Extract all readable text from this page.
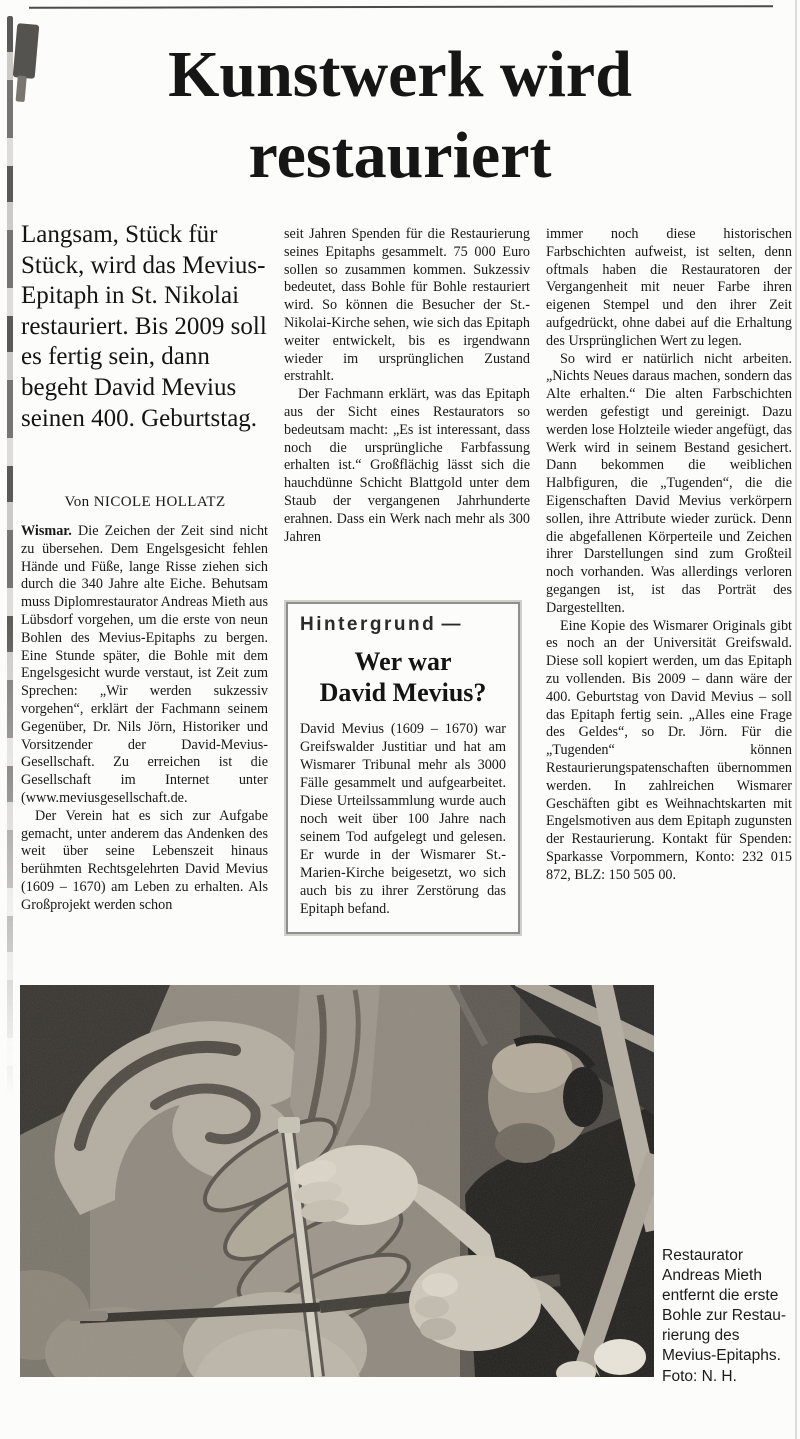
Kunstwerk wird
restauriert
Langsam, Stück für Stück, wird das Mevius-Epitaph in St. Nikolai restauriert. Bis 2009 soll es fertig sein, dann begeht David Mevius seinen 400. Geburtstag.
Von NICOLE HOLLATZ

Wismar. Die Zeichen der Zeit sind nicht zu übersehen. Dem Engelsgesicht fehlen Hände und Füße, lange Risse ziehen sich durch die 340 Jahre alte Eiche. Behutsam muss Diplomrestaurator Andreas Mieth aus Lübsdorf vorgehen, um die erste von neun Bohlen des Mevius-Epitaphs zu bergen. Eine Stunde später, die Bohle mit dem Engelsgesicht wurde verstaut, ist Zeit zum Sprechen: „Wir werden sukzessiv vorgehen“, erklärt der Fachmann seinem Gegenüber, Dr. Nils Jörn, Historiker und Vorsitzender der David-Mevius-Gesellschaft. Zu erreichen ist die Gesellschaft im Internet unter (www.meviusgesellschaft.de.

Der Verein hat es sich zur Aufgabe gemacht, unter anderem das Andenken des weit über seine Lebenszeit hinaus berühmten Rechtsgelehrten David Mevius (1609 – 1670) am Leben zu erhalten. Als Großprojekt werden schon

seit Jahren Spenden für die Restaurierung seines Epitaphs gesammelt. 75 000 Euro sollen so zusammen kommen. Sukzessiv bedeutet, dass Bohle für Bohle restauriert wird. So können die Besucher der St.-Nikolai-Kirche sehen, wie sich das Epitaph weiter entwickelt, bis es irgendwann wieder im ursprünglichen Zustand erstrahlt.

Der Fachmann erklärt, was das Epitaph aus der Sicht eines Restaurators so bedeutsam macht: „Es ist interessant, dass noch die ursprüngliche Farbfassung erhalten ist.“ Großflächig lässt sich die hauchdünne Schicht Blattgold unter dem Staub der vergangenen Jahrhunderte erahnen. Dass ein Werk nach mehr als 300 Jahren

Hintergrund —
Wer war
David Mevius?
David Mevius (1609 – 1670) war Greifswalder Justitiar und hat am Wismarer Tribunal mehr als 3000 Fälle gesammelt und aufgearbeitet. Diese Urteilssammlung wurde auch noch weit über 100 Jahre nach seinem Tod aufgelegt und gelesen. Er wurde in der Wismarer St.-Marien-Kirche beigesetzt, wo sich auch bis zu ihrer Zerstörung das Epitaph befand.

immer noch diese historischen Farbschichten aufweist, ist selten, denn oftmals haben die Restauratoren der Vergangenheit mit neuer Farbe ihren eigenen Stempel und den ihrer Zeit aufgedrückt, ohne dabei auf die Erhaltung des Ursprünglichen Wert zu legen.

So wird er natürlich nicht arbeiten. „Nichts Neues daraus machen, sondern das Alte erhalten.“ Die alten Farbschichten werden gefestigt und gereinigt. Dazu werden lose Holzteile wieder angefügt, das Werk wird in seinem Bestand gesichert. Dann bekommen die weiblichen Halbfiguren, die „Tugenden“, die die Eigenschaften David Mevius verkörpern sollen, ihre Attribute wieder zurück. Denn die abgefallenen Körperteile und Zeichen ihrer Darstellungen sind zum Großteil noch vorhanden. Was allerdings verloren gegangen ist, ist das Porträt des Dargestellten.

Eine Kopie des Wismarer Originals gibt es noch an der Universität Greifswald. Diese soll kopiert werden, um das Epitaph zu vollenden. Bis 2009 – dann wäre der 400. Geburtstag von David Mevius – soll das Epitaph fertig sein. „Alles eine Frage des Geldes“, so Dr. Jörn. Für die „Tugenden“ können Restaurierungspatenschaften übernommen werden. In zahlreichen Wismarer Geschäften gibt es Weihnachtskarten mit Engelsmotiven aus dem Epitaph zugunsten der Restaurierung. Kontakt für Spenden: Sparkasse Vorpommern, Konto: 232 015 872, BLZ: 150 505 00.

Restaurator Andreas Mieth entfernt die erste Bohle zur Restaurierung des Mevius-Epitaphs.
Foto: N. H.
